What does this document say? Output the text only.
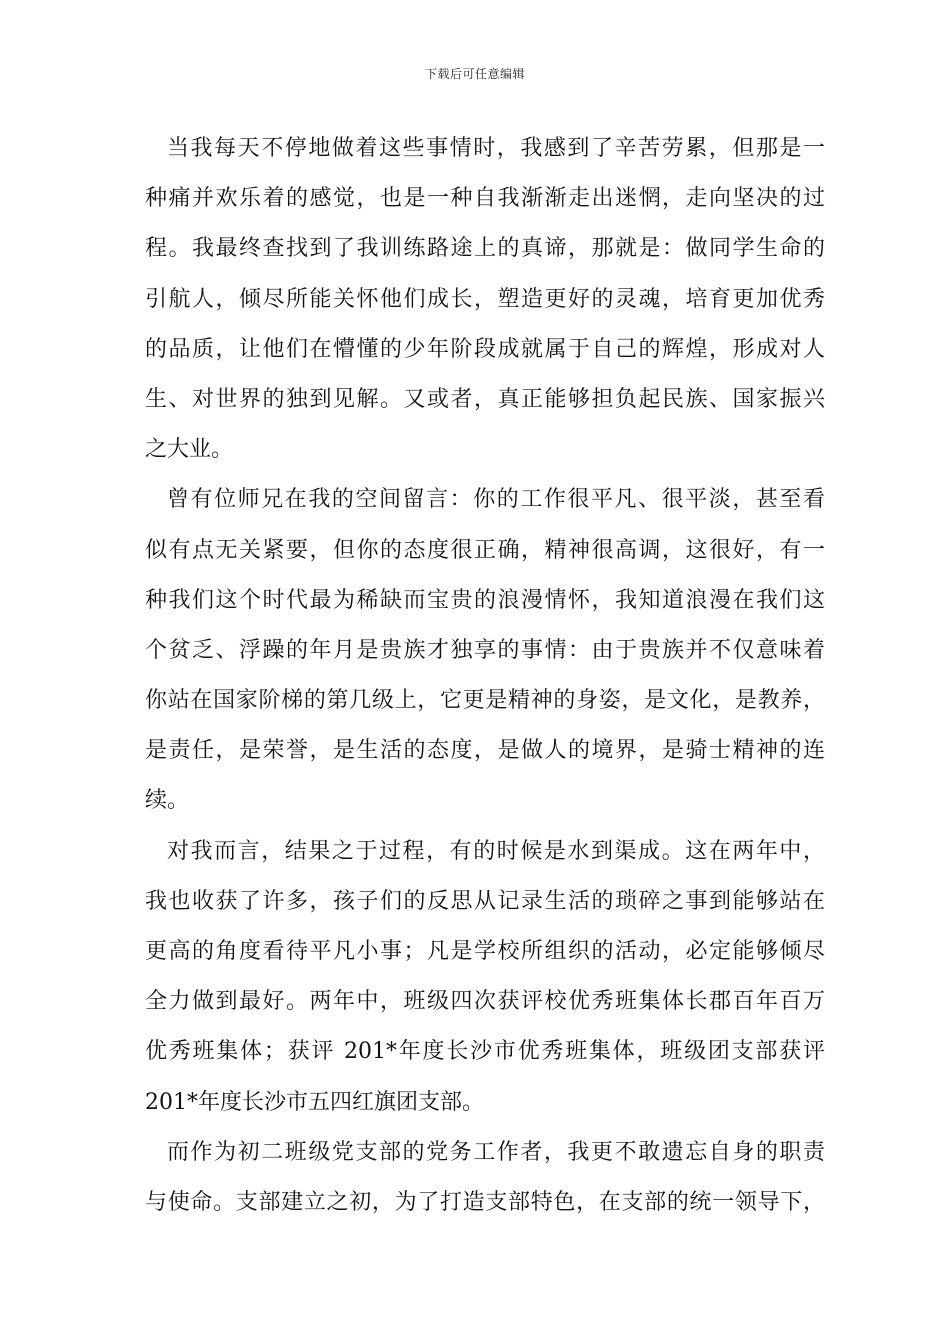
下载后可任意编辑
当我每天不停地做着这些事情时，我感到了辛苦劳累，但那是一
种痛并欢乐着的感觉，也是一种自我渐渐走出迷惘，走向坚决的过
程。我最终查找到了我训练路途上的真谛，那就是：做同学生命的
引航人，倾尽所能关怀他们成长，塑造更好的灵魂，培育更加优秀
的品质，让他们在懵懂的少年阶段成就属于自己的辉煌，形成对人
生、对世界的独到见解。又或者，真正能够担负起民族、国家振兴
之大业。
曾有位师兄在我的空间留言：你的工作很平凡、很平淡，甚至看
似有点无关紧要，但你的态度很正确，精神很高调，这很好，有一
种我们这个时代最为稀缺而宝贵的浪漫情怀，我知道浪漫在我们这
个贫乏、浮躁的年月是贵族才独享的事情：由于贵族并不仅意味着
你站在国家阶梯的第几级上，它更是精神的身姿，是文化，是教养，
是责任，是荣誉，是生活的态度，是做人的境界，是骑士精神的连
续。
对我而言，结果之于过程，有的时候是水到渠成。这在两年中，
我也收获了许多，孩子们的反思从记录生活的琐碎之事到能够站在
更高的角度看待平凡小事；凡是学校所组织的活动，必定能够倾尽
全力做到最好。两年中，班级四次获评校优秀班集体长郡百年百万
优秀班集体；获评 201*年度长沙市优秀班集体，班级团支部获评
201*年度长沙市五四红旗团支部。
而作为初二班级党支部的党务工作者，我更不敢遗忘自身的职责
与使命。支部建立之初，为了打造支部特色，在支部的统一领导下，
